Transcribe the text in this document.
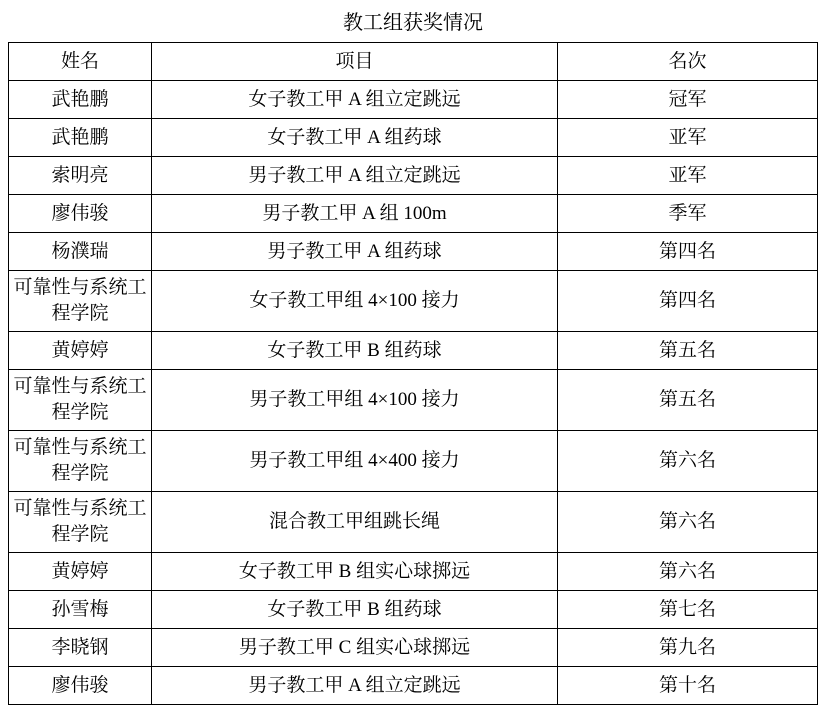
教工组获奖情况		
姓名	项目	名次
武艳鹏	女子教工甲 A 组立定跳远	冠军
武艳鹏	女子教工甲 A 组药球	亚军
索明亮	男子教工甲 A 组立定跳远	亚军
廖伟骏	男子教工甲 A 组 100m	季军
杨濮瑞	男子教工甲 A 组药球	第四名

可靠性与系统工程学院	女子教工甲组 4×100 接力	第四名
黄婷婷	女子教工甲 B 组药球	第五名

可靠性与系统工程学院	男子教工甲组 4×100 接力	第五名

可靠性与系统工程学院	男子教工甲组 4×400 接力	第六名

可靠性与系统工程学院	混合教工甲组跳长绳	第六名
黄婷婷	女子教工甲 B 组实心球掷远	第六名
孙雪梅	女子教工甲 B 组药球	第七名
李晓钢	男子教工甲 C 组实心球掷远	第九名
廖伟骏	男子教工甲 A 组立定跳远	第十名
